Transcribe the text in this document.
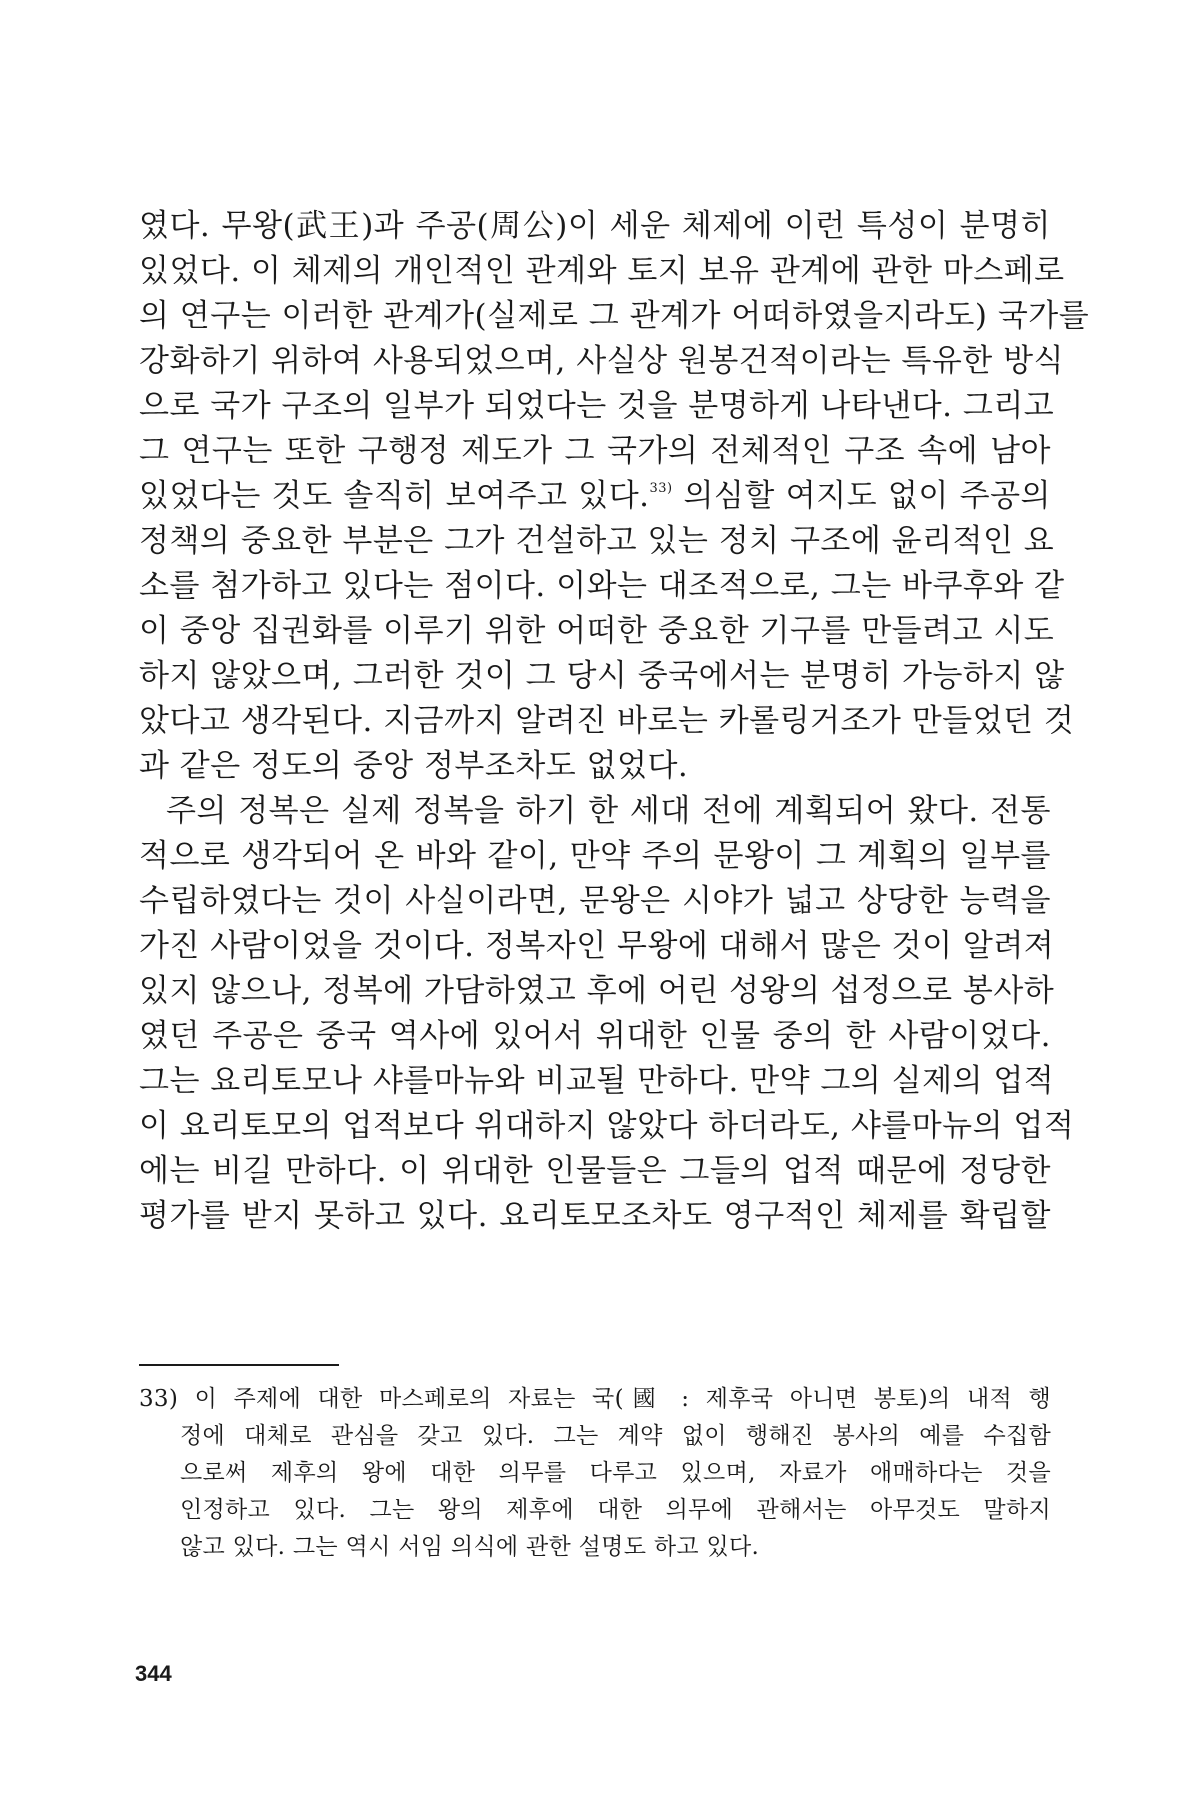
였다. 무왕(武王)과 주공(周公)이 세운 체제에 이런 특성이 분명히
있었다. 이 체제의 개인적인 관계와 토지 보유 관계에 관한 마스페로
의 연구는 이러한 관계가(실제로 그 관계가 어떠하였을지라도) 국가를
강화하기 위하여 사용되었으며, 사실상 원봉건적이라는 특유한 방식
으로 국가 구조의 일부가 되었다는 것을 분명하게 나타낸다. 그리고
그 연구는 또한 구행정 제도가 그 국가의 전체적인 구조 속에 남아
있었다는 것도 솔직히 보여주고 있다.$^{33)}$ 의심할 여지도 없이 주공의
정책의 중요한 부분은 그가 건설하고 있는 정치 구조에 윤리적인 요
소를 첨가하고 있다는 점이다. 이와는 대조적으로, 그는 바쿠후와 같
이 중앙 집권화를 이루기 위한 어떠한 중요한 기구를 만들려고 시도
하지 않았으며, 그러한 것이 그 당시 중국에서는 분명히 가능하지 않
았다고 생각된다. 지금까지 알려진 바로는 카롤링거조가 만들었던 것
과 같은 정도의 중앙 정부조차도 없었다.
주의 정복은 실제 정복을 하기 한 세대 전에 계획되어 왔다. 전통
적으로 생각되어 온 바와 같이, 만약 주의 문왕이 그 계획의 일부를
수립하였다는 것이 사실이라면, 문왕은 시야가 넓고 상당한 능력을
가진 사람이었을 것이다. 정복자인 무왕에 대해서 많은 것이 알려져
있지 않으나, 정복에 가담하였고 후에 어린 성왕의 섭정으로 봉사하
였던 주공은 중국 역사에 있어서 위대한 인물 중의 한 사람이었다.
그는 요리토모나 샤를마뉴와 비교될 만하다. 만약 그의 실제의 업적
이 요리토모의 업적보다 위대하지 않았다 하더라도, 샤를마뉴의 업적
에는 비길 만하다. 이 위대한 인물들은 그들의 업적 때문에 정당한
평가를 받지 못하고 있다. 요리토모조차도 영구적인 체제를 확립할
33) 이 주제에 대한 마스페로의 자료는 국(國 : 제후국 아니면 봉토)의 내적 행
정에 대체로 관심을 갖고 있다. 그는 계약 없이 행해진 봉사의 예를 수집함
으로써 제후의 왕에 대한 의무를 다루고 있으며, 자료가 애매하다는 것을
인정하고 있다. 그는 왕의 제후에 대한 의무에 관해서는 아무것도 말하지
않고 있다. 그는 역시 서임 의식에 관한 설명도 하고 있다.
344
